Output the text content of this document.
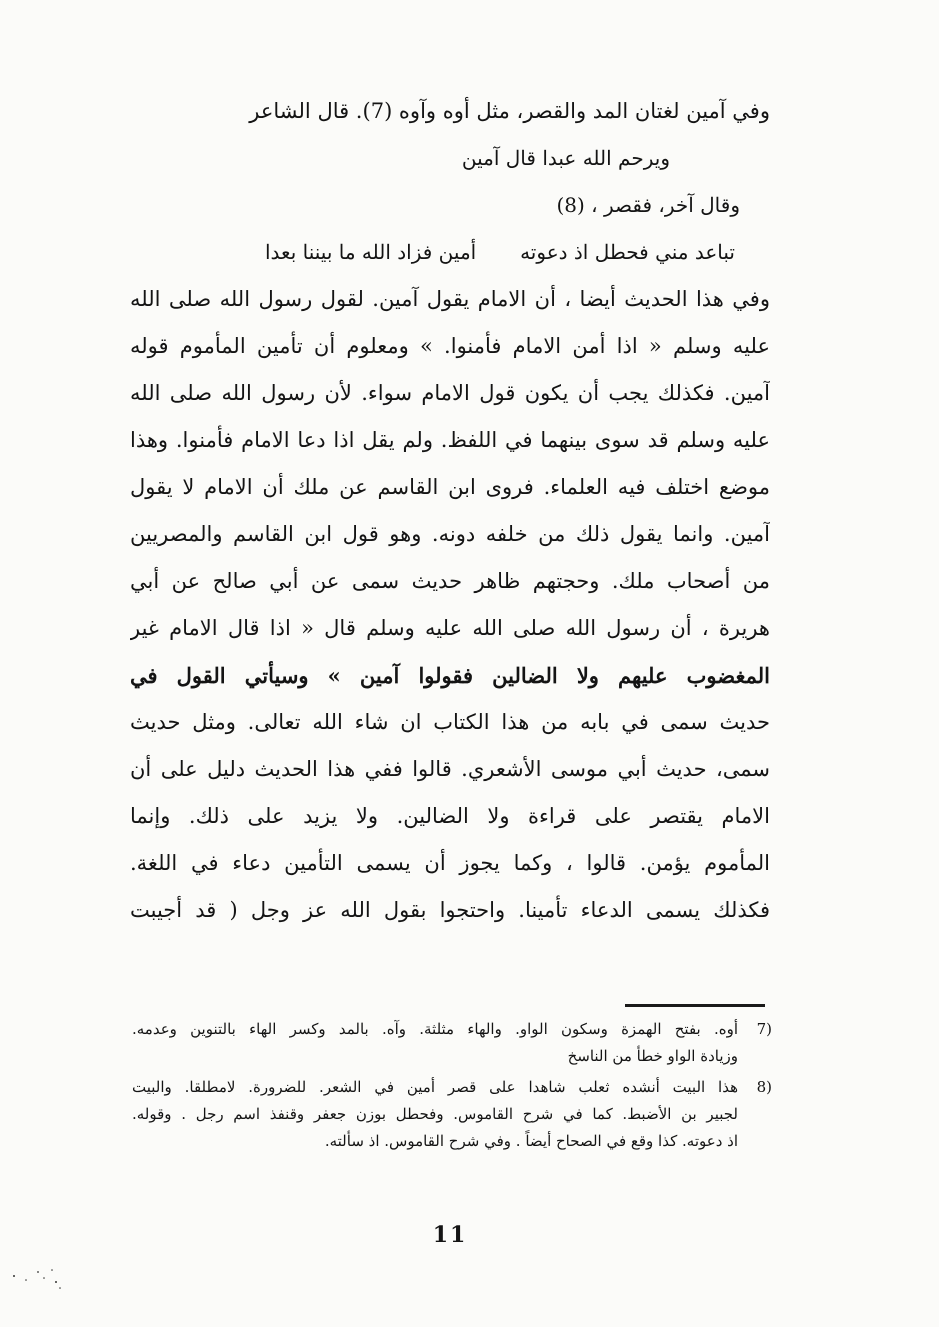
وفي آمين لغتان المد والقصر، مثل أوه وآوه (7). قال الشاعر
ويرحم الله عبدا قال آمين
وقال آخر، فقصر ، (8)
تباعد مني فحطل اذ دعوته
أمين فزاد الله ما بيننا بعدا
وفي هذا الحديث أيضا ، أن الامام يقول آمين. لقول رسول الله صلى الله
عليه وسلم « اذا أمن الامام فأمنوا. » ومعلوم أن تأمين المأموم قوله
آمين. فكذلك يجب أن يكون قول الامام سواء. لأن رسول الله صلى الله
عليه وسلم قد سوى بينهما في اللفظ. ولم يقل اذا دعا الامام فأمنوا. وهذا
موضع اختلف فيه العلماء. فروى ابن القاسم عن ملك أن الامام لا يقول
آمين. وانما يقول ذلك من خلفه دونه. وهو قول ابن القاسم والمصريين
من أصحاب ملك. وحجتهم ظاهر حديث سمى عن أبي صالح عن أبي
هريرة ، أن رسول الله صلى الله عليه وسلم قال « اذا قال الامام غير
المغضوب عليهم ولا الضالين فقولوا آمين » وسيأتي القول في
حديث سمى في بابه من هذا الكتاب ان شاء الله تعالى. ومثل حديث
سمى، حديث أبي موسى الأشعري. قالوا ففي هذا الحديث دليل على أن
الامام يقتصر على قراءة ولا الضالين. ولا يزيد على ذلك. وإنما
المأموم يؤمن. قالوا ، وكما يجوز أن يسمى التأمين دعاء في اللغة.
فكذلك يسمى الدعاء تأمينا. واحتجوا بقول الله عز وجل ( قد أجيبت
(7
أوه. بفتح الهمزة وسكون الواو. والهاء مثلثة. وآه. بالمد وكسر الهاء بالتنوين وعدمه.
وزيادة الواو خطأ من الناسخ
(8
هذا البيت أنشده ثعلب شاهدا على قصر أمين في الشعر. للضرورة. لامطلقا. والبيت
لجبير بن الأضبط. كما في شرح القاموس. وفحطل بوزن جعفر وقنفذ اسم رجل . وقوله.
اذ دعوته. كذا وقع في الصحاح أيضاً . وفي شرح القاموس. اذ سألته.
11
